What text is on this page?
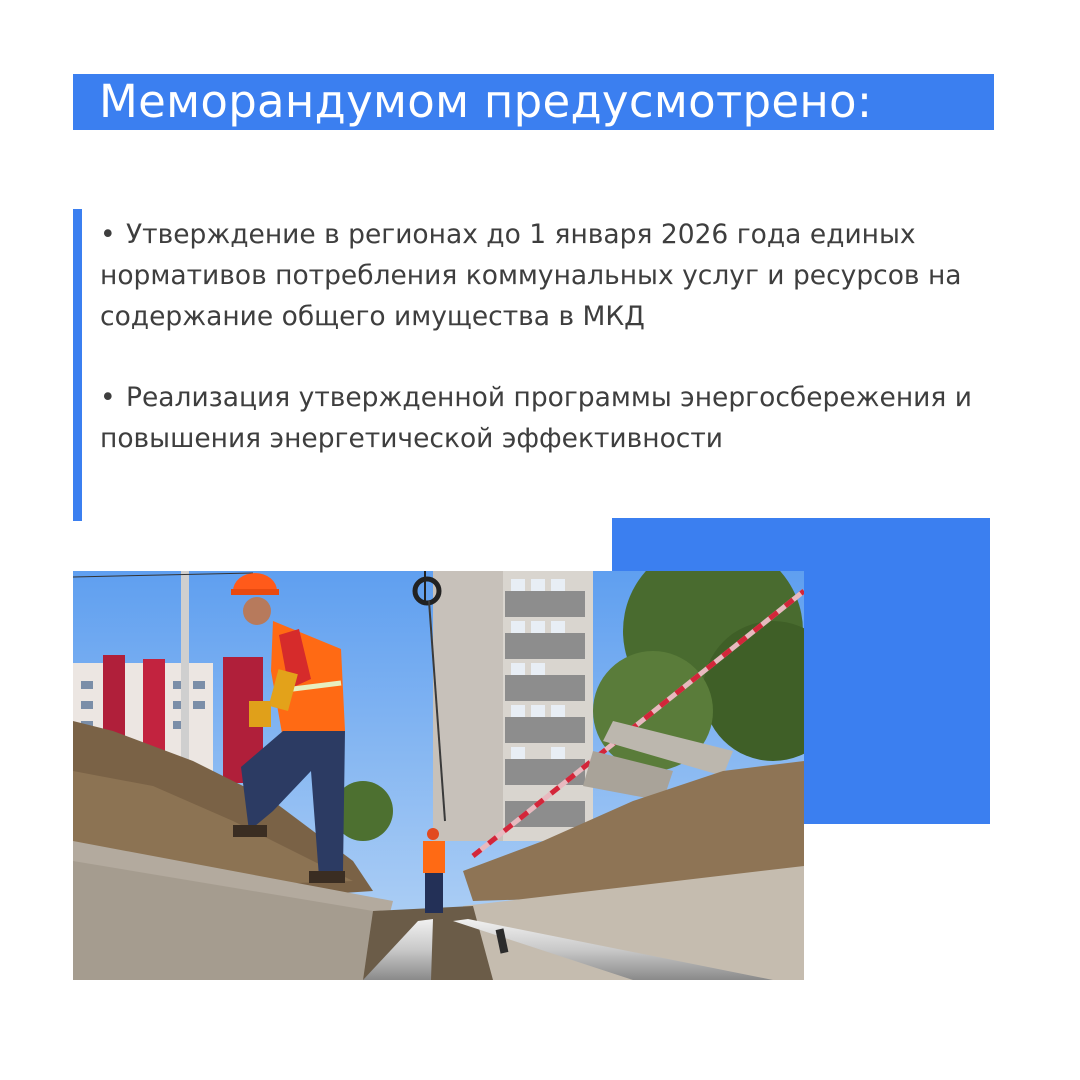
Меморандумом предусмотрено:
• Утверждение в регионах до 1 января 2026 года единых нормативов потребления коммунальных услуг и ресурсов на содержание общего имущества в МКД
• Реализация утвержденной программы энергосбережения и повышения энергетической эффективности
